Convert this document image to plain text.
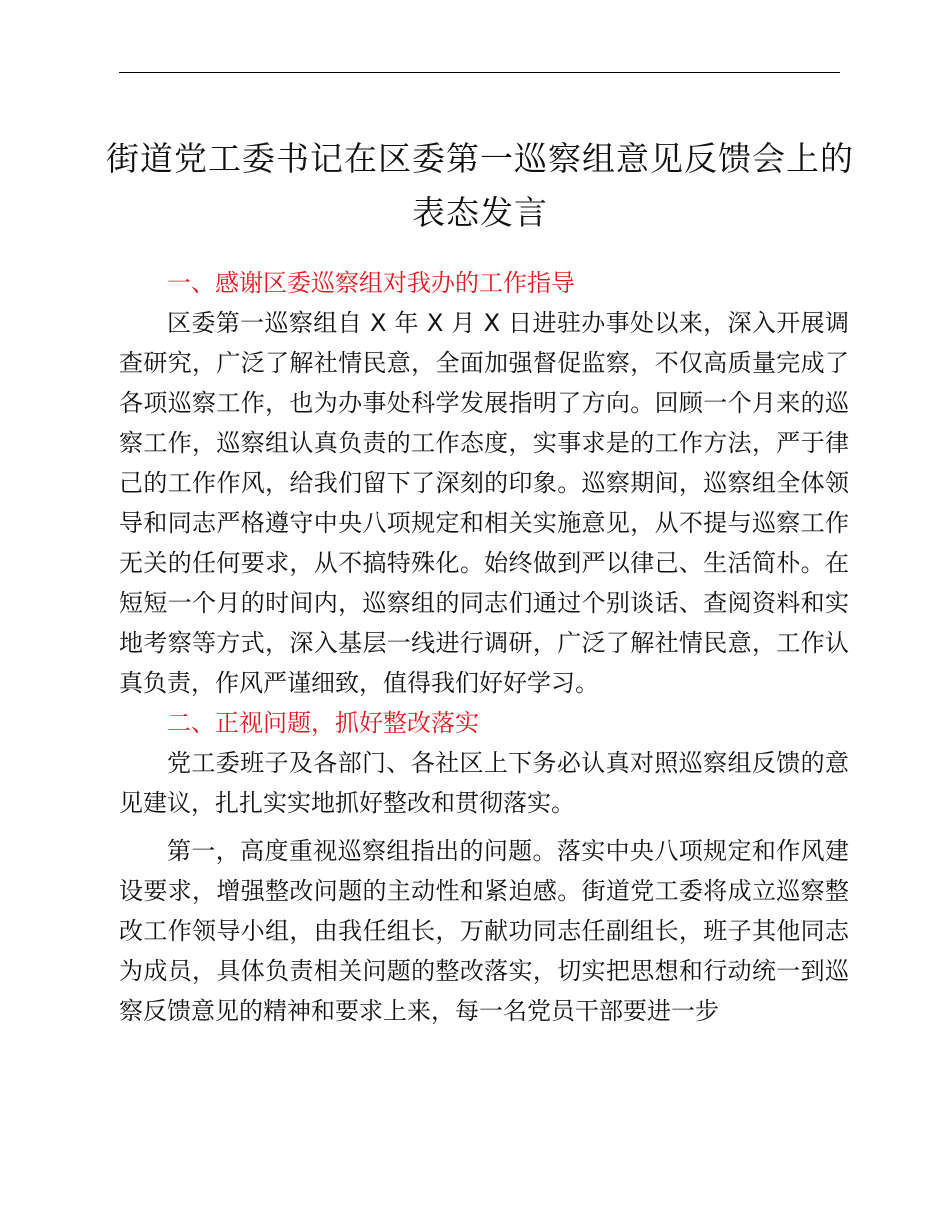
街道党工委书记在区委第一巡察组意见反馈会上的表态发言

一、感谢区委巡察组对我办的工作指导

区委第一巡察组自 X 年 X 月 X 日进驻办事处以来，深入开展调查研究，广泛了解社情民意，全面加强督促监察，不仅高质量完成了各项巡察工作，也为办事处科学发展指明了方向。回顾一个月来的巡察工作，巡察组认真负责的工作态度，实事求是的工作方法，严于律己的工作作风，给我们留下了深刻的印象。巡察期间，巡察组全体领导和同志严格遵守中央八项规定和相关实施意见，从不提与巡察工作无关的任何要求，从不搞特殊化。始终做到严以律己、生活简朴。在短短一个月的时间内，巡察组的同志们通过个别谈话、查阅资料和实地考察等方式，深入基层一线进行调研，广泛了解社情民意，工作认真负责，作风严谨细致，值得我们好好学习。

二、正视问题，抓好整改落实

党工委班子及各部门、各社区上下务必认真对照巡察组反馈的意见建议，扎扎实实地抓好整改和贯彻落实。

第一，高度重视巡察组指出的问题。落实中央八项规定和作风建设要求，增强整改问题的主动性和紧迫感。街道党工委将成立巡察整改工作领导小组，由我任组长，万献功同志任副组长，班子其他同志为成员，具体负责相关问题的整改落实，切实把思想和行动统一到巡察反馈意见的精神和要求上来，每一名党员干部要进一步
